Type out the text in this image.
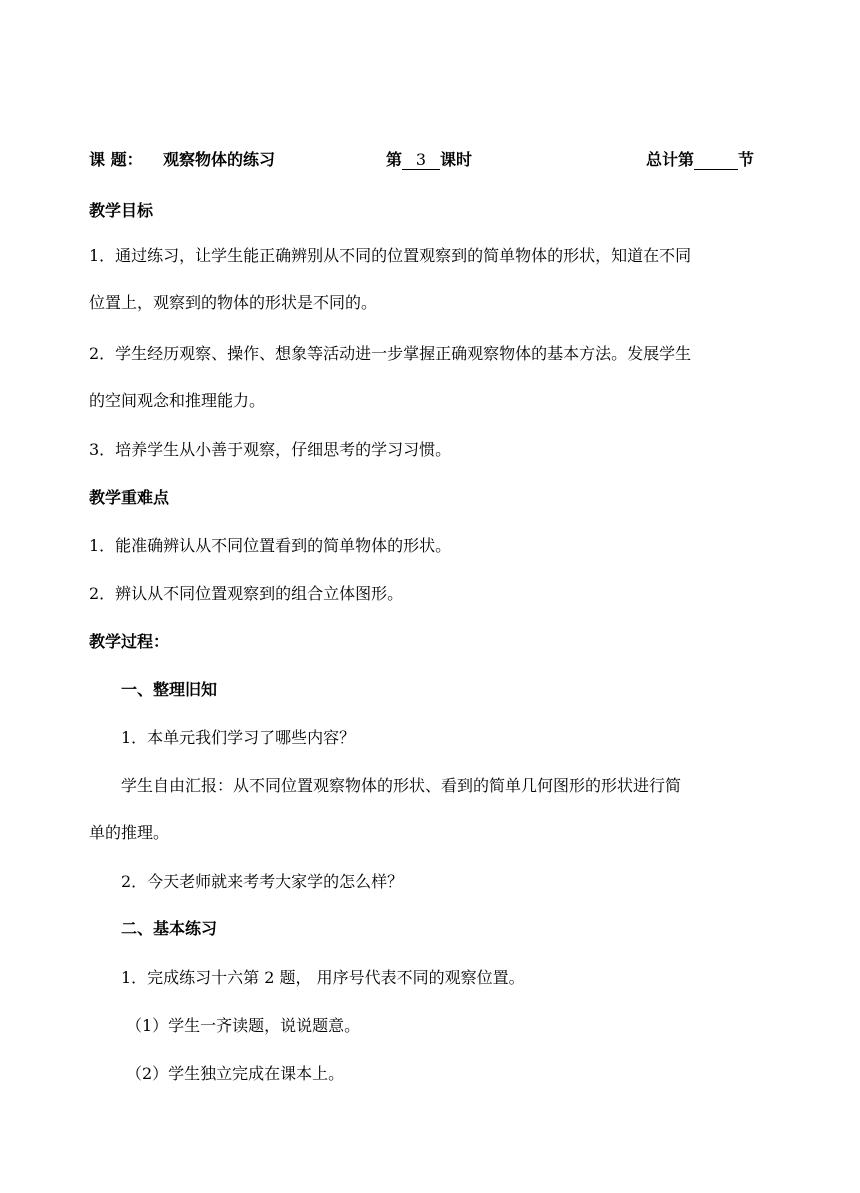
课 题： 观察物体的练习	第 3 课时	总计第	节
教学目标
1．通过练习，让学生能正确辨别从不同的位置观察到的简单物体的形状，知道在不同
位置上，观察到的物体的形状是不同的。
2．学生经历观察、操作、想象等活动进一步掌握正确观察物体的基本方法。发展学生
的空间观念和推理能力。
3．培养学生从小善于观察，仔细思考的学习习惯。
教学重难点
1．能准确辨认从不同位置看到的简单物体的形状。
2．辨认从不同位置观察到的组合立体图形。
教学过程：
一、整理旧知
1．本单元我们学习了哪些内容？
学生自由汇报：从不同位置观察物体的形状、看到的简单几何图形的形状进行简
单的推理。
2．今天老师就来考考大家学的怎么样？
二、基本练习
1．完成练习十六第 2 题， 用序号代表不同的观察位置。
（1）学生一齐读题，说说题意。
（2）学生独立完成在课本上。
